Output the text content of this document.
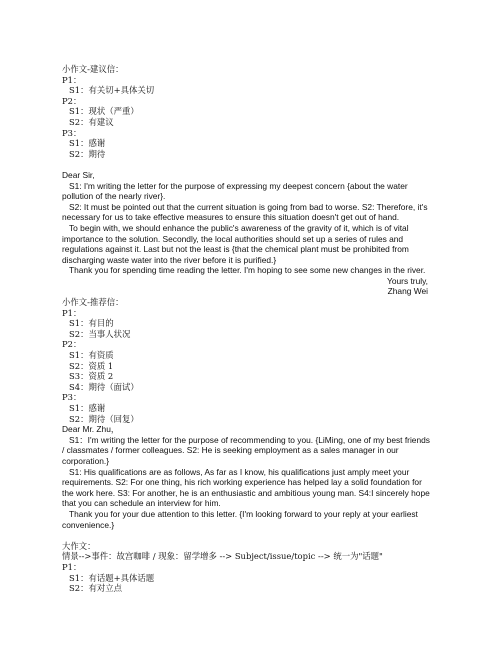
小作文-建议信：
P1：
S1：有关切+具体关切
P2：
S1：现状（严重）
S2：有建议
P3：
S1：感谢
S2：期待
Dear Sir,

S1: I'm writing the letter for the purpose of expressing my deepest concern {about the water pollution of the nearly river}.

S2: It must be pointed out that the current situation is going from bad to worse. S2: Therefore, it's necessary for us to take effective measures to ensure this situation doesn't get out of hand.

To begin with, we should enhance the public's awareness of the gravity of it, which is of vital importance to the solution. Secondly, the local authorities should set up a series of rules and regulations against it. Last but not the least is {that the chemical plant must be prohibited from discharging waste water into the river before it is purified.}

Thank you for spending time reading the letter. I'm hoping to see some new changes in the river.

Yours truly,
Zhang Wei
小作文-推荐信：
P1：
S1：有目的
S2：当事人状况
P2：
S1：有资质
S2：资质 1
S3：资质 2
S4：期待（面试）
P3：
S1：感谢
S2：期待（回复）
Dear Mr. Zhu，

S1：I'm writing the letter for the purpose of recommending to you. {LiMing, one of my best friends / classmates / former colleagues. S2: He is seeking employment as a sales manager in our corporation.}

S1: His qualifications are as follows, As far as I know, his qualifications just amply meet your requirements. S2: For one thing, his rich working experience has helped lay a solid foundation for the work here. S3: For another, he is an enthusiastic and ambitious young man. S4:I sincerely hope that you can schedule an interview for him.

Thank you for your due attention to this letter. {I'm looking forward to your reply at your earliest convenience.}

大作文：
情景-->事件：故宫咖啡 / 现象：留学增多 --> Subject/issue/topic --> 统一为"话题"
P1：
S1：有话题+具体话题
S2：有对立点
